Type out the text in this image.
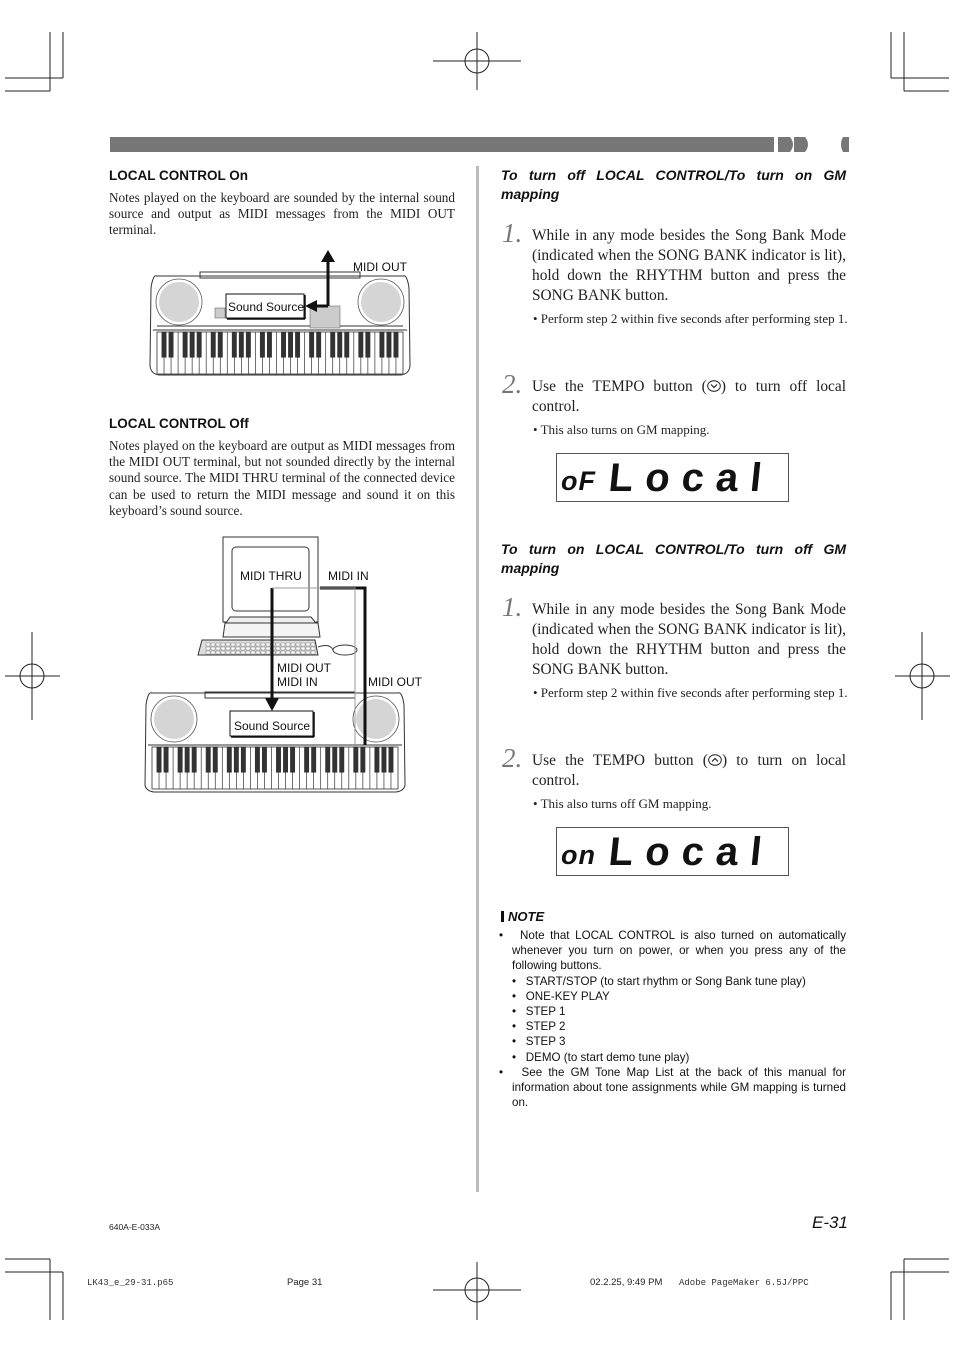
LOCAL CONTROL On
Notes played on the keyboard are sounded by the internal sound source and output as MIDI messages from the MIDI OUT terminal.
MIDI OUT
Sound Source
LOCAL CONTROL Off
Notes played on the keyboard are output as MIDI messages from the MIDI OUT terminal, but not sounded directly by the internal sound source. The MIDI THRU terminal of the connected device can be used to return the MIDI message and sound it on this keyboard’s sound source.
MIDI THRU MIDI IN
MIDI OUT
MIDI IN	MIDI OUT
Sound Source
To turn off LOCAL CONTROL/To turn on GM mapping
1. While in any mode besides the Song Bank Mode (indicated when the SONG BANK indicator is lit), hold down the RHYTHM button and press the SONG BANK button.
• Perform step 2 within five seconds after performing step 1.
2. Use the TEMPO button ( ) to turn off local control.
• This also turns on GM mapping.
oF Local
To turn on LOCAL CONTROL/To turn off GM mapping
1. While in any mode besides the Song Bank Mode (indicated when the SONG BANK indicator is lit), hold down the RHYTHM button and press the SONG BANK button.
• Perform step 2 within five seconds after performing step 1.
2. Use the TEMPO button ( ) to turn on local control.
• This also turns off GM mapping.
on Local
NOTE
•   Note that LOCAL CONTROL is also turned on automatically whenever you turn on power, or when you press any of the following buttons.
•   START/STOP (to start rhythm or Song Bank tune play)
•   ONE-KEY PLAY
•   STEP 1
•   STEP 2
•   STEP 3
•   DEMO (to start demo tune play)
•   See the GM Tone Map List at the back of this manual for information about tone assignments while GM mapping is turned on.
E-31
640A-E-033A
LK43_e_29-31.p65	Page 31	02.2.25, 9:49 PM Adobe PageMaker 6.5J/PPC
